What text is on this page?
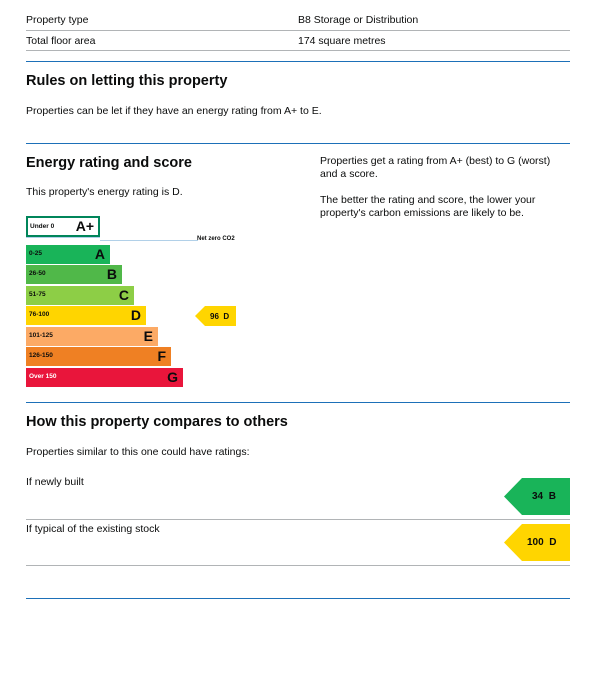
Property type	B8 Storage or Distribution
Total floor area	174 square metres
Rules on letting this property
Properties can be let if they have an energy rating from A+ to E.
Energy rating and score
This property's energy rating is D.
Properties get a rating from A+ (best) to G (worst) and a score.
The better the rating and score, the lower your property's carbon emissions are likely to be.
Under 0 A+
Net zero CO2
0-25	A
26-50	B
51-75	C
76-100	D
101-125	E
126-150	F
Over 150	G
96 D
How this property compares to others
Properties similar to this one could have ratings:
If newly built
34 B
If typical of the existing stock
100 D
